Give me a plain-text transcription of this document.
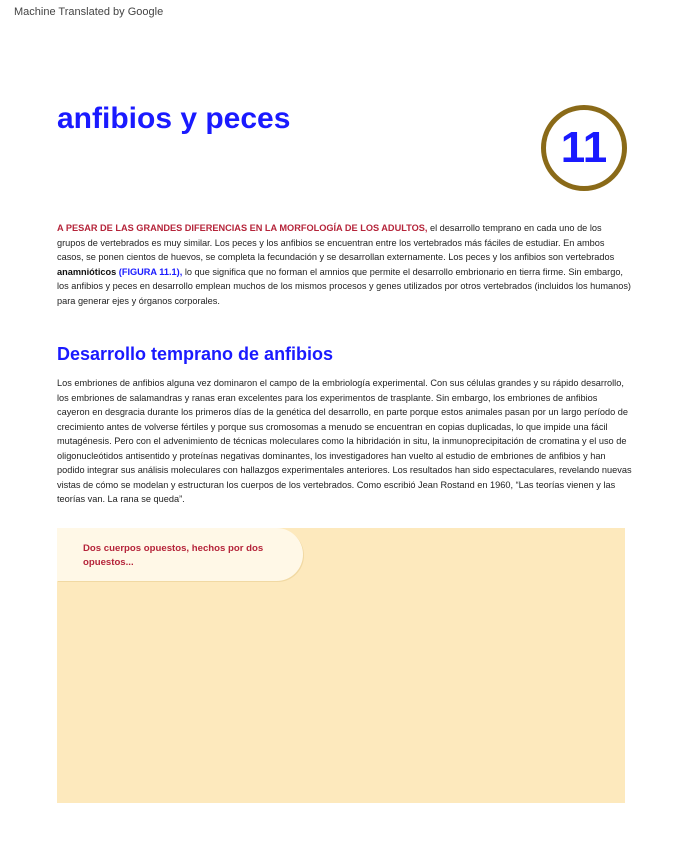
Machine Translated by Google
anfibios y peces
11

A PESAR DE LAS GRANDES DIFERENCIAS EN LA MORFOLOGÍA DE LOS ADULTOS, el desarrollo temprano en cada uno de los grupos de vertebrados es muy similar. Los peces y los anfibios se encuentran entre los vertebrados más fáciles de estudiar. En ambos casos, se ponen cientos de huevos, se completa la fecundación y se desarrollan externamente. Los peces y los anfibios son vertebrados anamnióticos (FIGURA 11.1), lo que significa que no forman el amnios que permite el desarrollo embrionario en tierra firme. Sin embargo, los anfibios y peces en desarrollo emplean muchos de los mismos procesos y genes utilizados por otros vertebrados (incluidos los humanos) para generar ejes y órganos corporales.

Desarrollo temprano de anfibios

Los embriones de anfibios alguna vez dominaron el campo de la embriología experimental. Con sus células grandes y su rápido desarrollo, los embriones de salamandras y ranas eran excelentes para los experimentos de trasplante. Sin embargo, los embriones de anfibios cayeron en desgracia durante los primeros días de la genética del desarrollo, en parte porque estos animales pasan por un largo período de crecimiento antes de volverse fértiles y porque sus cromosomas a menudo se encuentran en copias duplicadas, lo que impide una fácil mutagénesis. Pero con el advenimiento de técnicas moleculares como la hibridación in situ, la inmunoprecipitación de cromatina y el uso de oligonucleótidos antisentido y proteínas negativas dominantes, los investigadores han vuelto al estudio de embriones de anfibios y han podido integrar sus análisis moleculares con hallazgos experimentales anteriores. Los resultados han sido espectaculares, revelando nuevas vistas de cómo se modelan y estructuran los cuerpos de los vertebrados. Como escribió Jean Rostand en 1960, “Las teorías vienen y las teorías van. La rana se queda”.

Dos cuerpos opuestos, hechos por dos opuestos...
